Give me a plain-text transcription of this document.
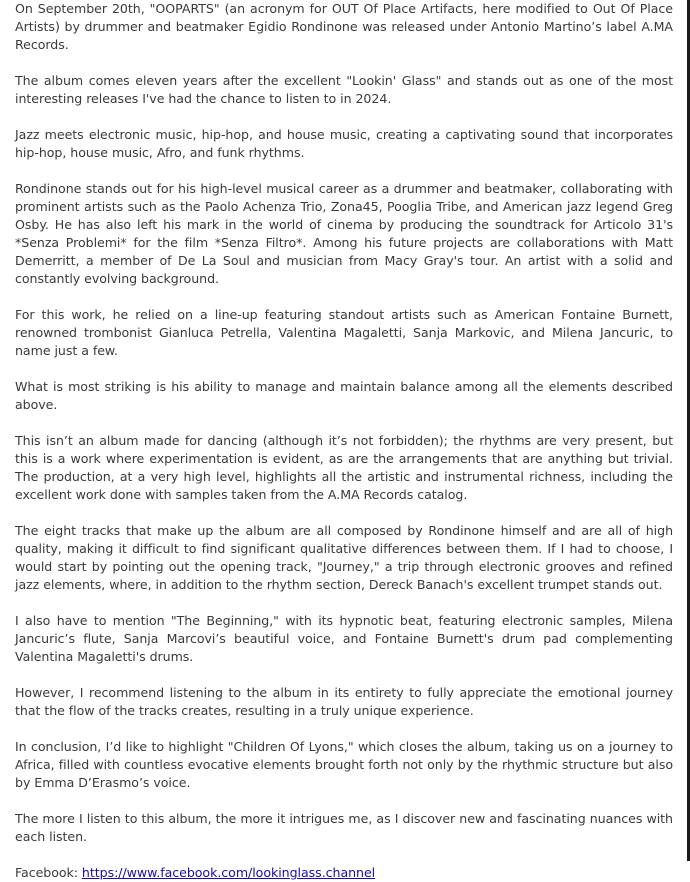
On September 20th, "OOPARTS" (an acronym for OUT Of Place Artifacts, here modified to Out Of Place Artists) by drummer and beatmaker Egidio Rondinone was released under Antonio Martino’s label A.MA Records.

The album comes eleven years after the excellent "Lookin' Glass" and stands out as one of the most interesting releases I've had the chance to listen to in 2024.

Jazz meets electronic music, hip-hop, and house music, creating a captivating sound that incorporates hip-hop, house music, Afro, and funk rhythms.

Rondinone stands out for his high-level musical career as a drummer and beatmaker, collaborating with prominent artists such as the Paolo Achenza Trio, Zona45, Pooglia Tribe, and American jazz legend Greg Osby. He has also left his mark in the world of cinema by producing the soundtrack for Articolo 31's *Senza Problemi* for the film *Senza Filtro*. Among his future projects are collaborations with Matt Demerritt, a member of De La Soul and musician from Macy Gray's tour. An artist with a solid and constantly evolving background.

For this work, he relied on a line-up featuring standout artists such as American Fontaine Burnett, renowned trombonist Gianluca Petrella, Valentina Magaletti, Sanja Markovic, and Milena Jancuric, to name just a few.

What is most striking is his ability to manage and maintain balance among all the elements described above.

This isn’t an album made for dancing (although it’s not forbidden); the rhythms are very present, but this is a work where experimentation is evident, as are the arrangements that are anything but trivial. The production, at a very high level, highlights all the artistic and instrumental richness, including the excellent work done with samples taken from the A.MA Records catalog.

The eight tracks that make up the album are all composed by Rondinone himself and are all of high quality, making it difficult to find significant qualitative differences between them. If I had to choose, I would start by pointing out the opening track, "Journey," a trip through electronic grooves and refined jazz elements, where, in addition to the rhythm section, Dereck Banach's excellent trumpet stands out.

I also have to mention "The Beginning," with its hypnotic beat, featuring electronic samples, Milena Jancuric’s flute, Sanja Marcovi’s beautiful voice, and Fontaine Burnett's drum pad complementing Valentina Magaletti's drums.

However, I recommend listening to the album in its entirety to fully appreciate the emotional journey that the flow of the tracks creates, resulting in a truly unique experience.

In conclusion, I’d like to highlight "Children Of Lyons," which closes the album, taking us on a journey to Africa, filled with countless evocative elements brought forth not only by the rhythmic structure but also by Emma D’Erasmo’s voice.

The more I listen to this album, the more it intrigues me, as I discover new and fascinating nuances with each listen.

Facebook: https://www.facebook.com/lookinglass.channel
